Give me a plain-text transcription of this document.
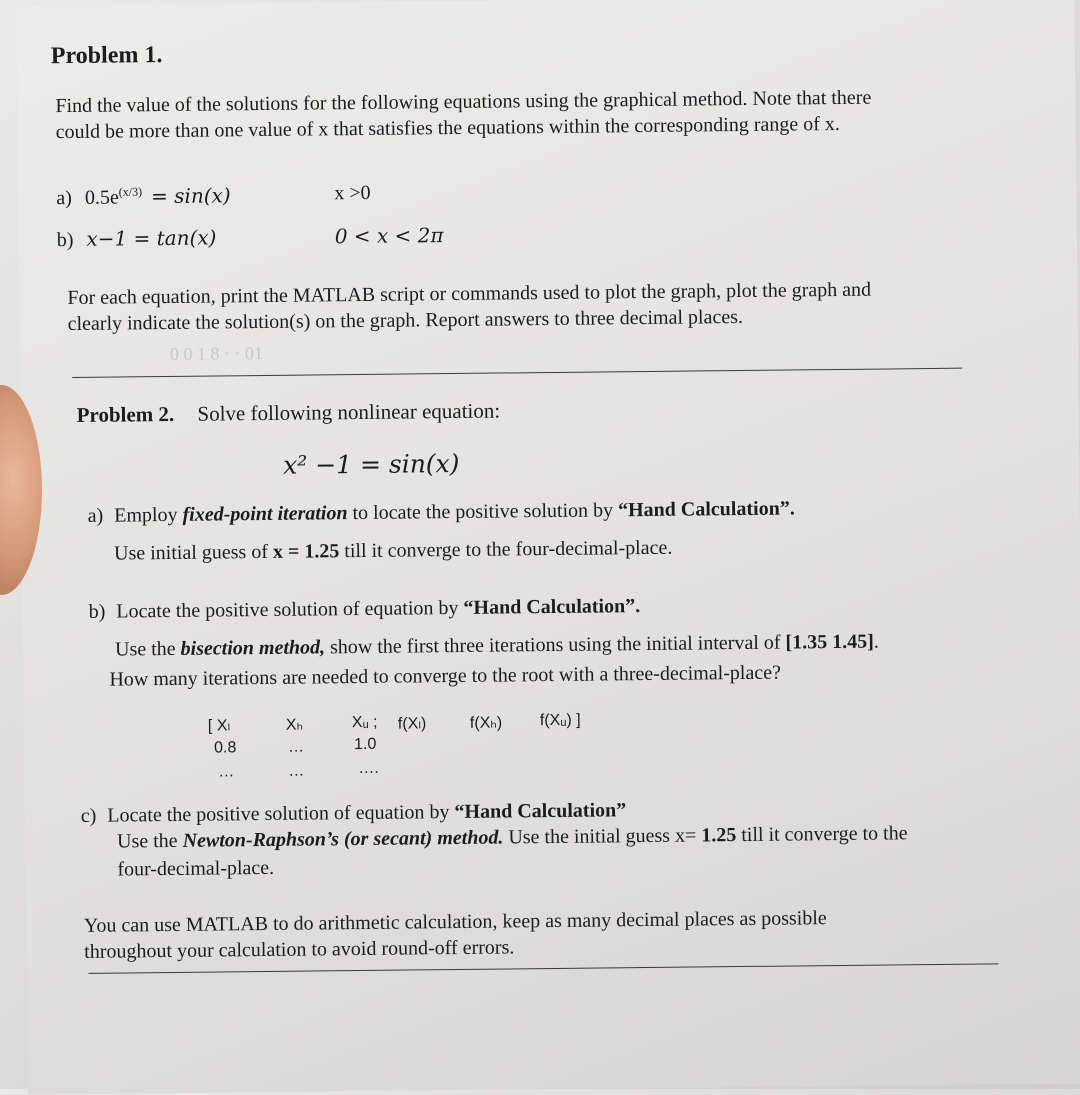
Problem 1.
Find the value of the solutions for the following equations using the graphical method. Note that there
could be more than one value of x that satisfies the equations within the corresponding range of x.
a) $0.5e^{(x/3)} = \sin(x)$	x >0
b) x−1 = tan(x)	0 < x < 2π
For each equation, print the MATLAB script or commands used to plot the graph, plot the graph and
clearly indicate the solution(s) on the graph. Report answers to three decimal places.
0 0 1 8 · · 01
Problem 2. Solve following nonlinear equation:
x² −1 = sin(x)
a) Employ fixed-point iteration to locate the positive solution by “Hand Calculation”.
Use initial guess of x = 1.25 till it converge to the four-decimal-place.
b) Locate the positive solution of equation by “Hand Calculation”.
Use the bisection method, show the first three iterations using the initial interval of [1.35 1.45].
How many iterations are needed to converge to the root with a three-decimal-place?
[ Xₗ	Xₕ	Xᵤ ; f(Xₗ)	f(Xₕ) f(Xᵤ) ]
0.8	…	1.0
…	…	….
c) Locate the positive solution of equation by “Hand Calculation”
Use the Newton-Raphson’s (or secant) method. Use the initial guess x= 1.25 till it converge to the
four-decimal-place.
You can use MATLAB to do arithmetic calculation, keep as many decimal places as possible
throughout your calculation to avoid round-off errors.
